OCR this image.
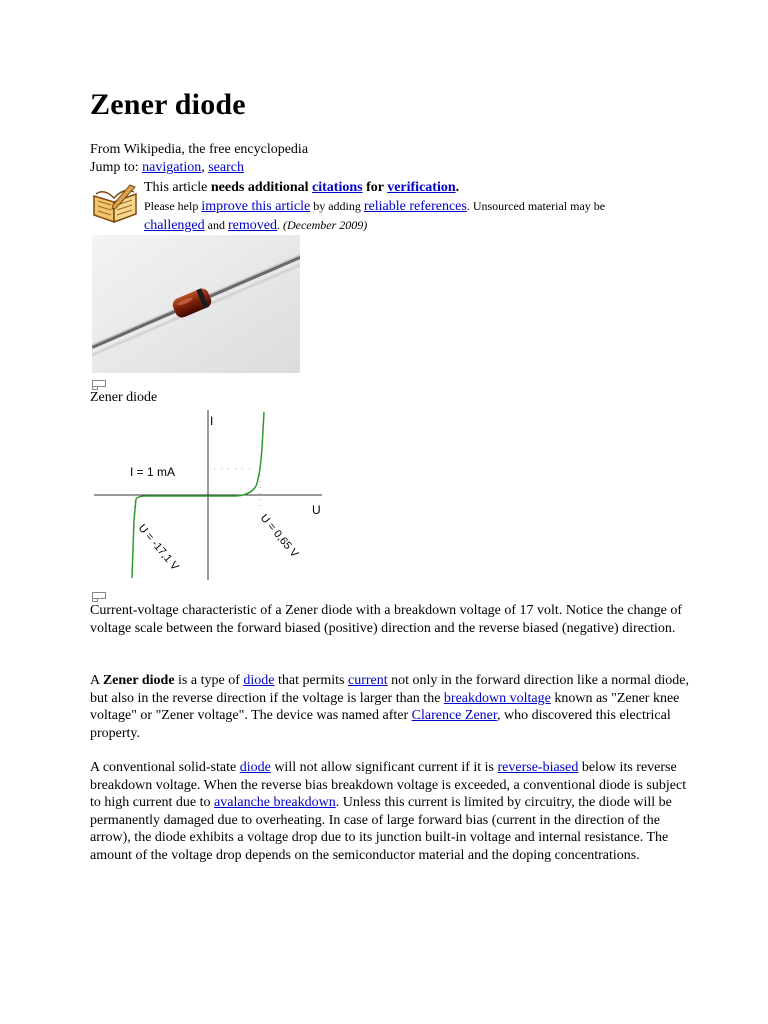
Zener diode
From Wikipedia, the free encyclopedia
Jump to: navigation, search
This article needs additional citations for verification.
Please help improve this article by adding reliable references. Unsourced material may be
challenged and removed. (December 2009)
Zener diode
I
U
I = 1 mA
U = -17,1 V	U = 0,65 V
Current-voltage characteristic of a Zener diode with a breakdown voltage of 17 volt. Notice the change of voltage scale between the forward biased (positive) direction and the reverse biased (negative) direction.

A Zener diode is a type of diode that permits current not only in the forward direction like a normal diode, but also in the reverse direction if the voltage is larger than the breakdown voltage known as "Zener knee voltage" or "Zener voltage". The device was named after Clarence Zener, who discovered this electrical property.

A conventional solid-state diode will not allow significant current if it is reverse-biased below its reverse breakdown voltage. When the reverse bias breakdown voltage is exceeded, a conventional diode is subject to high current due to avalanche breakdown. Unless this current is limited by circuitry, the diode will be permanently damaged due to overheating. In case of large forward bias (current in the direction of the arrow), the diode exhibits a voltage drop due to its junction built-in voltage and internal resistance. The amount of the voltage drop depends on the semiconductor material and the doping concentrations.
